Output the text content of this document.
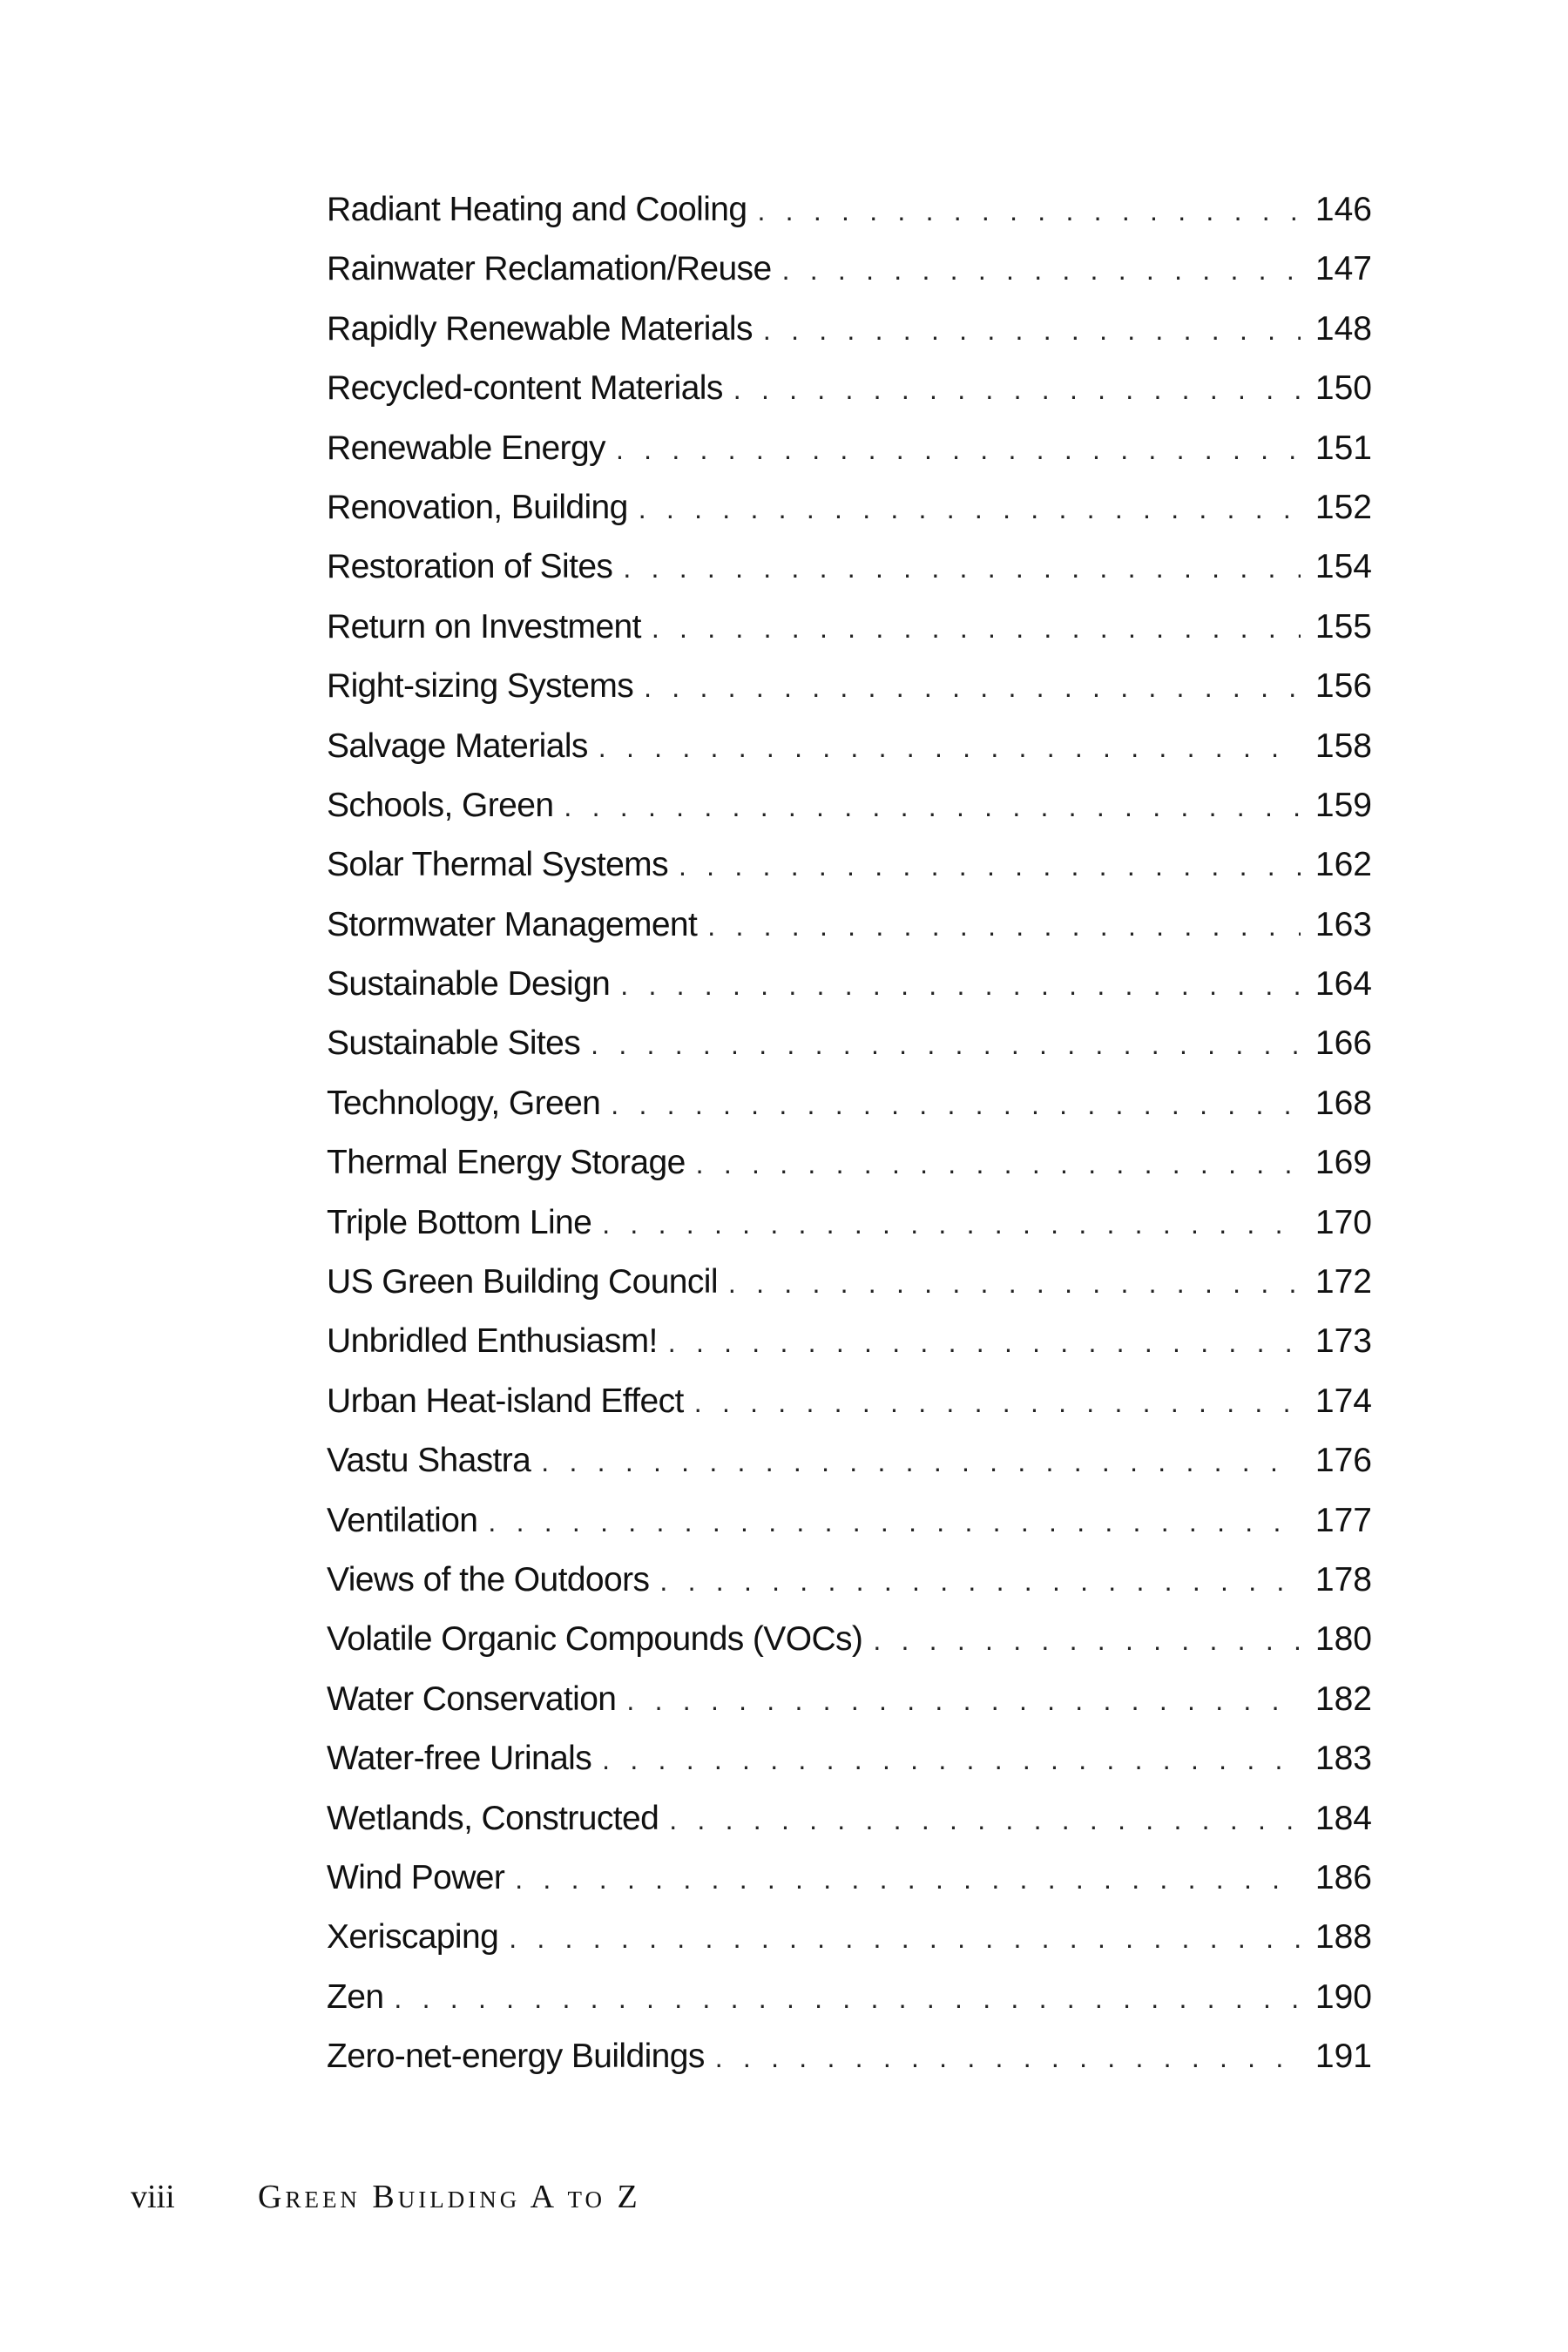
Radiant Heating and Cooling . . .	146
Rainwater Reclamation/Reuse . . .	147
Rapidly Renewable Materials . . .	148
Recycled-content Materials . . .	150
Renewable Energy . . .	151
Renovation, Building . . .	152
Restoration of Sites . . .	154
Return on Investment . . .	155
Right-sizing Systems . . .	156
Salvage Materials . . .	158
Schools, Green . . .	159
Solar Thermal Systems . . .	162
Stormwater Management . . .	163
Sustainable Design . . .	164
Sustainable Sites . . .	166
Technology, Green . . .	168
Thermal Energy Storage . . .	169
Triple Bottom Line . . .	170
US Green Building Council . . .	172
Unbridled Enthusiasm! . . .	173
Urban Heat-island Effect . . .	174
Vastu Shastra . . .	176
Ventilation . . .	177
Views of the Outdoors . . .	178
Volatile Organic Compounds (VOCs) . . .	180
Water Conservation . . .	182
Water-free Urinals . . .	183
Wetlands, Constructed . . .	184
Wind Power . . .	186
Xeriscaping . . .	188
Zen . . .	190
Zero-net-energy Buildings . . .	191
viii	Green Building A to Z
